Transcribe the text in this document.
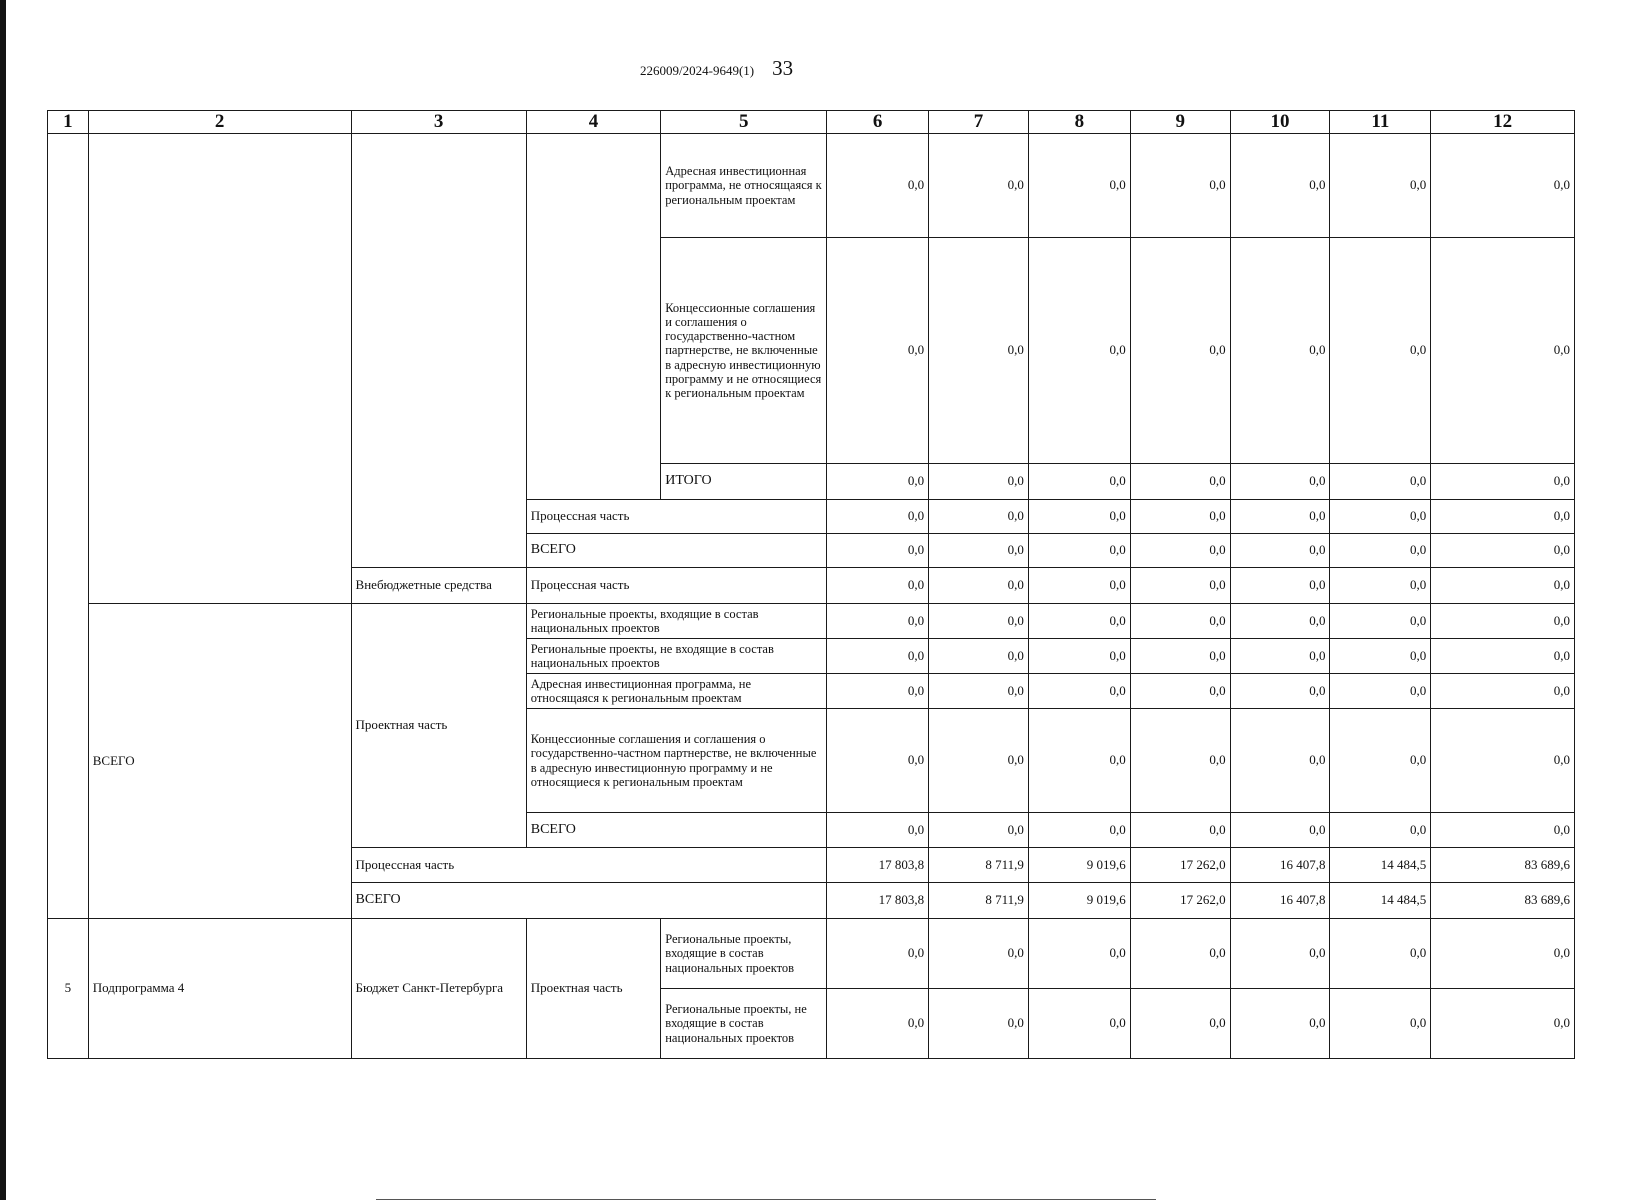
226009/2024-9649(1) 33
1	2	3	4	5	6	7	8	9	10	11	12
				Адресная инвестиционная программа, не относящаяся к региональным проектам	0,0	0,0	0,0	0,0	0,0	0,0	0,0
				Концессионные соглашения и соглашения о государственно-частном партнерстве, не включенные в адресную инвестиционную программу и не относящиеся к региональным проектам	0,0	0,0	0,0	0,0	0,0	0,0	0,0
				ИТОГО	0,0	0,0	0,0	0,0	0,0	0,0	0,0
			Процессная часть		0,0	0,0	0,0	0,0	0,0	0,0	0,0
			ВСЕГО		0,0	0,0	0,0	0,0	0,0	0,0	0,0
		Внебюджетные средства	Процессная часть		0,0	0,0	0,0	0,0	0,0	0,0	0,0
	ВСЕГО	Проектная часть	Региональные проекты, входящие в состав национальных проектов		0,0	0,0	0,0	0,0	0,0	0,0	0,0
			Региональные проекты, не входящие в состав национальных проектов		0,0	0,0	0,0	0,0	0,0	0,0	0,0
			Адресная инвестиционная программа, не относящаяся к региональным проектам		0,0	0,0	0,0	0,0	0,0	0,0	0,0
			Концессионные соглашения и соглашения о государственно-частном партнерстве, не включенные в адресную инвестиционную программу и не относящиеся к региональным проектам		0,0	0,0	0,0	0,0	0,0	0,0	0,0
			ВСЕГО		0,0	0,0	0,0	0,0	0,0	0,0	0,0
		Процессная часть			17 803,8	8 711,9	9 019,6	17 262,0	16 407,8	14 484,5	83 689,6
		ВСЕГО			17 803,8	8 711,9	9 019,6	17 262,0	16 407,8	14 484,5	83 689,6
5	Подпрограмма 4	Бюджет Санкт-Петербурга	Проектная часть	Региональные проекты, входящие в состав национальных проектов	0,0	0,0	0,0	0,0	0,0	0,0	0,0
				Региональные проекты, не входящие в состав национальных проектов	0,0	0,0	0,0	0,0	0,0	0,0	0,0
